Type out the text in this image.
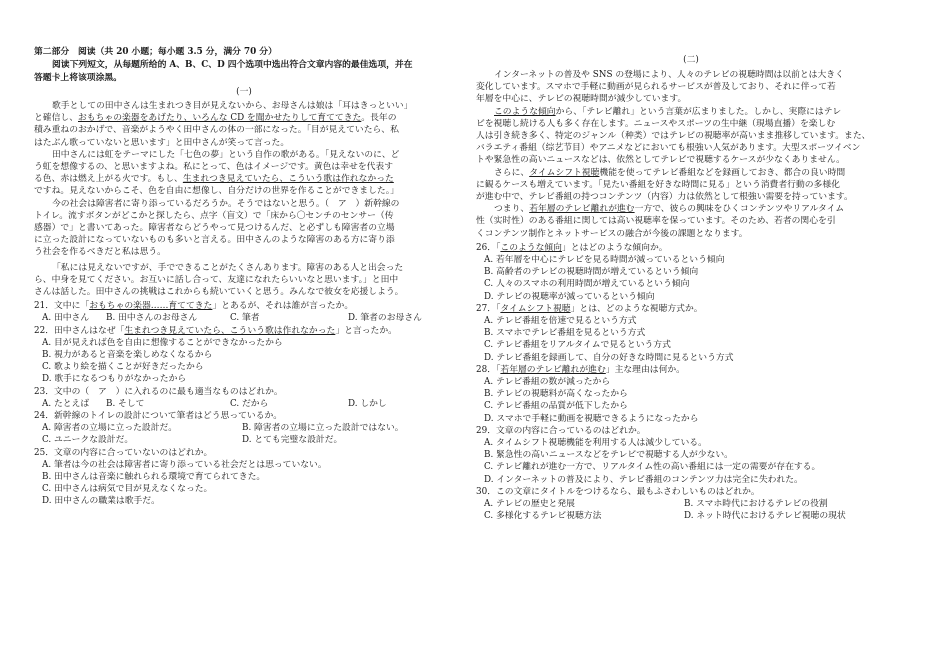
第二部分　阅读（共 20 小题；每小题 3.5 分，满分 70 分）
阅读下列短文，从每题所给的 A、B、C、D 四个选项中选出符合文章内容的最佳选项，并在
答题卡上将该项涂黑。
(一)
歌手としての田中さんは生まれつき目が見えないから、お母さんは娘は「耳はきっといい」
と確信し、おもちゃの楽器をあげたり、いろんな CD を聞かせたりして育ててきた。長年の
積み重ねのおかげで、音楽がようやく田中さんの体の一部になった。「目が見えていたら、私
はたぶん歌っていないと思います」と田中さんが笑って言った。
田中さんには虹をテーマにした「七色の夢」という自作の歌がある。「見えないのに、ど
う虹を想像するの、と思いますよね。私にとって、色はイメージです。黄色は幸せを代表す
る色、赤は燃え上がる火です。もし、生まれつき見えていたら、こういう歌は作れなかった
ですね。見えないからこそ、色を自由に想像し、自分だけの世界を作ることができました。」
今の社会は障害者に寄り添っているだろうか。そうではないと思う。（　ア　）新幹線の
トイレ。流すボタンがどこかと探したら、点字（盲文）で「床から〇センチのセンサー（传
感器）で」と書いてあった。障害者ならどうやって見つけるんだ、と必ずしも障害者の立場
に立った設計になっていないものも多いと言える。田中さんのような障害のある方に寄り添
う社会を作るべきだと私は思う。
「私には見えないですが、手でできることがたくさんあります。障害のある人と出会った
ら、中身を見てください。お互いに話し合って、友達になれたらいいなと思います。」と田中
さんは話した。田中さんの挑戦はこれからも続いていくと思う。みんなで彼女を応援しよう。
21．文中に「おもちゃの楽器……育ててきた」とあるが、それは誰が言ったか。
A. 田中さん B. 田中さんのお母さん	C. 筆者	D. 筆者のお母さん
22．田中さんはなぜ「生まれつき見えていたら、こういう歌は作れなかった」と言ったか。
A. 目が見えれば色を自由に想像することができなかったから
B. 視力があると音楽を楽しめなくなるから
C. 歌より絵を描くことが好きだったから
D. 歌手になるつもりがなかったから
23．文中の（　ア　）に入れるのに最も適当なものはどれか。
A. たとえば B. そして	C. だから	D. しかし
24．新幹線のトイレの設計について筆者はどう思っているか。
A. 障害者の立場に立った設計だ。	B. 障害者の立場に立った設計ではない。
C. ユニークな設計だ。	D. とても完璧な設計だ。
25．文章の内容に合っていないのはどれか。
A. 筆者は今の社会は障害者に寄り添っている社会だとは思っていない。
B. 田中さんは音楽に触れられる環境で育てられてきた。
C. 田中さんは病気で目が見えなくなった。
D. 田中さんの職業は歌手だ。
(二)
インターネットの普及や SNS の登場により、人々のテレビの視聴時間は以前とは大きく
変化しています。スマホで手軽に動画が見られるサービスが普及しており、それに伴って若
年層を中心に、テレビの視聴時間が減少しています。
このような傾向から、「テレビ離れ」という言葉が広まりました。しかし、実際にはテレ
ビを視聴し続ける人も多く存在します。ニュースやスポーツの生中継（現場直播）を楽しむ
人は引き続き多く、特定のジャンル（种类）ではテレビの視聴率が高いまま推移しています。また、
バラエティ番組（综艺节目）やアニメなどにおいても根強い人気があります。大型スポーツイベン
トや緊急性の高いニュースなどは、依然としてテレビで視聴するケースが少なくありません。
さらに、タイムシフト視聴機能を使ってテレビ番組などを録画しておき、都合の良い時間
に観るケースも増えています。「見たい番組を好きな時間に見る」という消費者行動の多様化
が進む中で、テレビ番組の持つコンテンツ（内容）力は依然として根強い需要を持っています。
つまり、若年層のテレビ離れが進む一方で、彼らの興味をひくコンテンツやリアルタイム
性（实时性）のある番組に関しては高い視聴率を保っています。そのため、若者の関心を引
くコンテンツ制作とネットサービスの融合が今後の課題となります。
26．「このような傾向」とはどのような傾向か。
A. 若年層を中心にテレビを見る時間が減っているという傾向
B. 高齢者のテレビの視聴時間が増えているという傾向
C. 人々のスマホの利用時間が増えているという傾向
D. テレビの視聴率が減っているという傾向
27．「タイムシフト視聴」とは、どのような視聴方式か。
A. テレビ番組を倍速で見るという方式
B. スマホでテレビ番組を見るという方式
C. テレビ番組をリアルタイムで見るという方式
D. テレビ番組を録画して、自分の好きな時間に見るという方式
28．「若年層のテレビ離れが進む」主な理由は何か。
A. テレビ番組の数が減ったから
B. テレビの視聴料が高くなったから
C. テレビ番組の品質が低下したから
D. スマホで手軽に動画を視聴できるようになったから
29．文章の内容に合っているのはどれか。
A. タイムシフト視聴機能を利用する人は減少している。
B. 緊急性の高いニュースなどをテレビで視聴する人が少ない。
C. テレビ離れが進む一方で、リアルタイム性の高い番組には一定の需要が存在する。
D. インターネットの普及により、テレビ番組のコンテンツ力は完全に失われた。
30．この文章にタイトルをつけるなら、最もふさわしいものはどれか。
A. テレビの歴史と発展	B. スマホ時代におけるテレビの役割
C. 多様化するテレビ視聴方法	D. ネット時代におけるテレビ視聴の現状
